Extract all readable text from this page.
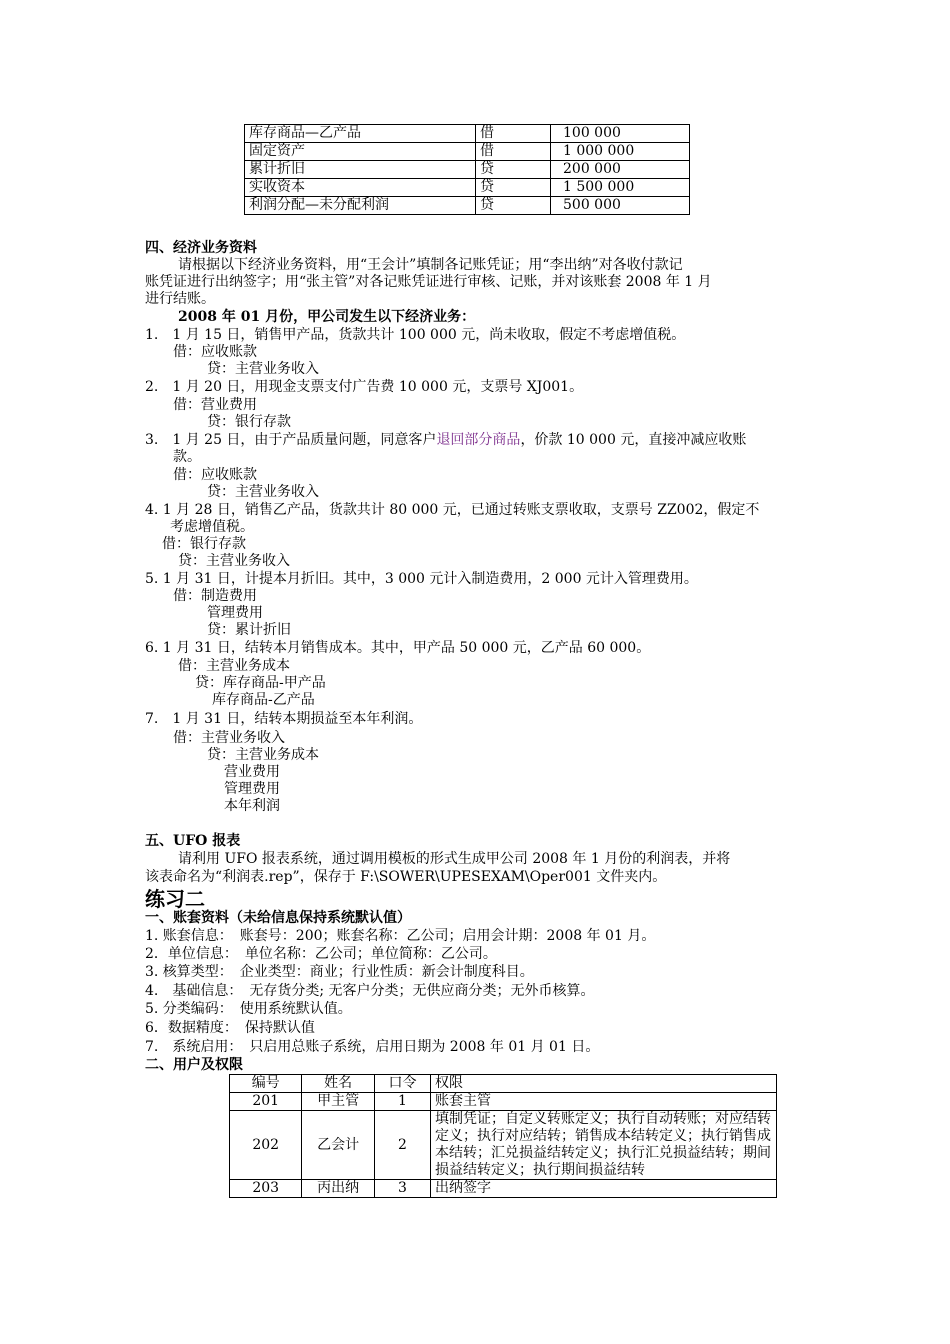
库存商品—乙产品	借	100 000
固定资产	借	1 000 000
累计折旧	贷	200 000
实收资本	贷	1 500 000
利润分配—未分配利润	贷	500 000
四、经济业务资料
请根据以下经济业务资料，用“王会计”填制各记账凭证；用“李出纳”对各收付款记
账凭证进行出纳签字；用“张主管”对各记账凭证进行审核、记账，并对该账套 2008 年 1 月
进行结账。
2008 年 01 月份，甲公司发生以下经济业务：
1.　1 月 15 日，销售甲产品，货款共计 100 000 元，尚未收取，假定不考虑增值税。
借：应收账款
贷：主营业务收入
2.　1 月 20 日，用现金支票支付广告费 10 000 元，支票号 XJ001。
借：营业费用
贷：银行存款
3.　1 月 25 日，由于产品质量问题，同意客户退回部分商品，价款 10 000 元，直接冲减应收账
款。
借：应收账款
贷：主营业务收入
4. 1 月 28 日，销售乙产品，货款共计 80 000 元，已通过转账支票收取，支票号 ZZ002，假定不
考虑增值税。
借：银行存款
贷：主营业务收入
5. 1 月 31 日，计提本月折旧。其中，3 000 元计入制造费用，2 000 元计入管理费用。
借：制造费用
管理费用
贷：累计折旧
6. 1 月 31 日，结转本月销售成本。其中，甲产品 50 000 元，乙产品 60 000。
借：主营业务成本
贷：库存商品-甲产品
库存商品-乙产品
7.　1 月 31 日，结转本期损益至本年利润。
借：主营业务收入
贷：主营业务成本
营业费用
管理费用
本年利润
五、UFO 报表
请利用 UFO 报表系统，通过调用模板的形式生成甲公司 2008 年 1 月份的利润表，并将
该表命名为“利润表.rep”，保存于 F:\SOWER\UPESEXAM\Oper001 文件夹内。
练习二
一、账套资料（未给信息保持系统默认值）
1. 账套信息：　账套号：200；账套名称：乙公司；启用会计期：2008 年 01 月。
2．单位信息：　单位名称：乙公司；单位简称：乙公司。
3. 核算类型：　企业类型：商业；行业性质：新会计制度科目。
4.　基础信息：　无存货分类; 无客户分类；无供应商分类；无外币核算。
5. 分类编码：　使用系统默认值。
6．数据精度：　保持默认值
7.　系统启用：　只启用总账子系统，启用日期为 2008 年 01 月 01 日。
二、用户及权限
编号	姓名	口令	权限
201	甲主管	1	账套主管
202	乙会计	2	填制凭证；自定义转账定义；执行自动转账；对应结转定义；执行对应结转；销售成本结转定义；执行销售成本结转；汇兑损益结转定义；执行汇兑损益结转；期间损益结转定义；执行期间损益结转
203	丙出纳	3	出纳签字
